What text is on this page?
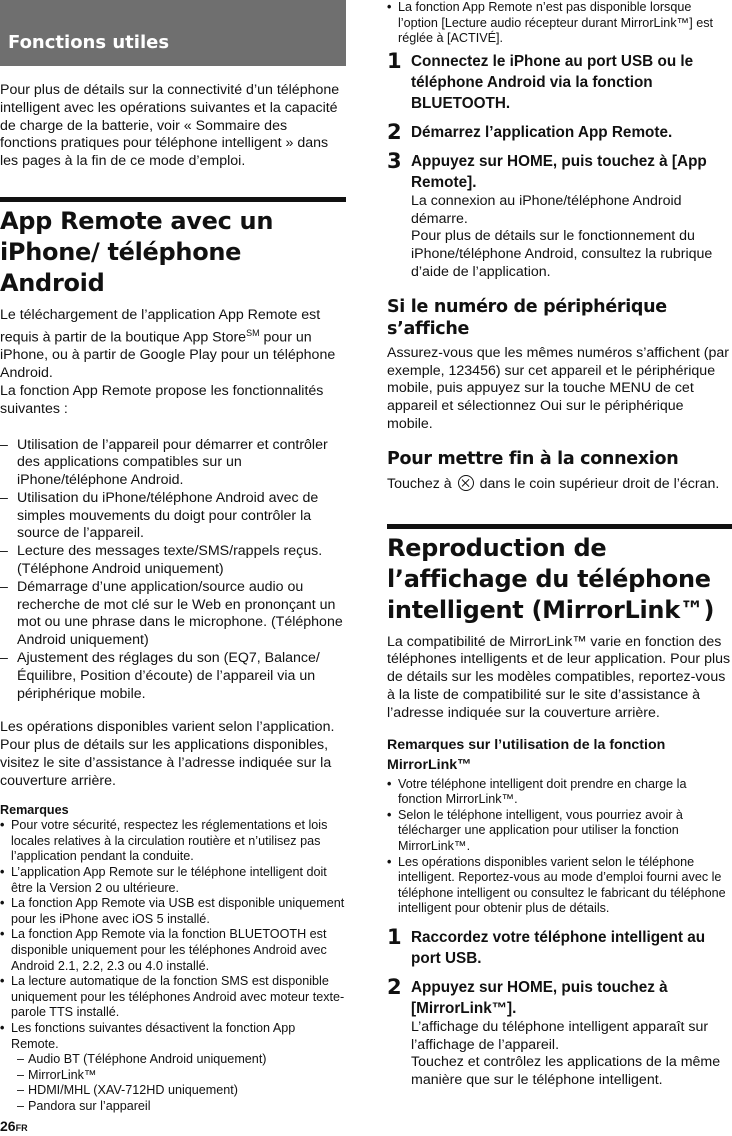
Fonctions utiles

Pour plus de détails sur la connectivité d’un téléphone intelligent avec les opérations suivantes et la capacité de charge de la batterie, voir « Sommaire des fonctions pratiques pour téléphone intelligent » dans les pages à la fin de ce mode d’emploi.

App Remote avec un iPhone/ téléphone Android

Le téléchargement de l’application App Remote est requis à partir de la boutique App Store℠ pour un iPhone, ou à partir de Google Play pour un téléphone Android.

La fonction App Remote propose les fonctionnalités suivantes :

– Utilisation de l’appareil pour démarrer et contrôler des applications compatibles sur un iPhone/téléphone Android.
– Utilisation du iPhone/téléphone Android avec de simples mouvements du doigt pour contrôler la source de l’appareil.
– Lecture des messages texte/SMS/rappels reçus. (Téléphone Android uniquement)
– Démarrage d’une application/source audio ou recherche de mot clé sur le Web en prononçant un mot ou une phrase dans le microphone. (Téléphone Android uniquement)
– Ajustement des réglages du son (EQ7, Balance/ Équilibre, Position d’écoute) de l’appareil via un périphérique mobile.

Les opérations disponibles varient selon l’application. Pour plus de détails sur les applications disponibles, visitez le site d’assistance à l’adresse indiquée sur la couverture arrière.

Remarques

• Pour votre sécurité, respectez les réglementations et lois locales relatives à la circulation routière et n’utilisez pas l’application pendant la conduite.
• L’application App Remote sur le téléphone intelligent doit être la Version 2 ou ultérieure.
• La fonction App Remote via USB est disponible uniquement pour les iPhone avec iOS 5 installé.
• La fonction App Remote via la fonction BLUETOOTH est disponible uniquement pour les téléphones Android avec Android 2.1, 2.2, 2.3 ou 4.0 installé.
• La lecture automatique de la fonction SMS est disponible uniquement pour les téléphones Android avec moteur texte-parole TTS installé.
• Les fonctions suivantes désactivent la fonction App Remote.
– Audio BT (Téléphone Android uniquement)
– MirrorLink™
– HDMI/MHL (XAV-712HD uniquement)
– Pandora sur l’appareil
26FR
• La fonction App Remote n’est pas disponible lorsque l’option [Lecture audio récepteur durant MirrorLink™] est réglée à [ACTIVÉ].
1 Connectez le iPhone au port USB ou le téléphone Android via la fonction BLUETOOTH.

2 Démarrez l’application App Remote.

3 Appuyez sur HOME, puis touchez à [App Remote].

La connexion au iPhone/téléphone Android démarre.
Pour plus de détails sur le fonctionnement du iPhone/téléphone Android, consultez la rubrique d’aide de l’application.

Si le numéro de périphérique s’affiche

Assurez-vous que les mêmes numéros s’affichent (par exemple, 123456) sur cet appareil et le périphérique mobile, puis appuyez sur la touche MENU de cet appareil et sélectionnez Oui sur le périphérique mobile.

Pour mettre fin à la connexion

Touchez à dans le coin supérieur droit de l’écran.

Reproduction de l’affichage du téléphone intelligent (MirrorLink™)

La compatibilité de MirrorLink™ varie en fonction des téléphones intelligents et de leur application. Pour plus de détails sur les modèles compatibles, reportez-vous à la liste de compatibilité sur le site d’assistance à l’adresse indiquée sur la couverture arrière.

Remarques sur l’utilisation de la fonction MirrorLink™

• Votre téléphone intelligent doit prendre en charge la fonction MirrorLink™.
• Selon le téléphone intelligent, vous pourriez avoir à télécharger une application pour utiliser la fonction MirrorLink™.
• Les opérations disponibles varient selon le téléphone intelligent. Reportez-vous au mode d’emploi fourni avec le téléphone intelligent ou consultez le fabricant du téléphone intelligent pour obtenir plus de détails.
1 Raccordez votre téléphone intelligent au port USB.

2 Appuyez sur HOME, puis touchez à [MirrorLink™].

L’affichage du téléphone intelligent apparaît sur l’affichage de l’appareil.
Touchez et contrôlez les applications de la même manière que sur le téléphone intelligent.
